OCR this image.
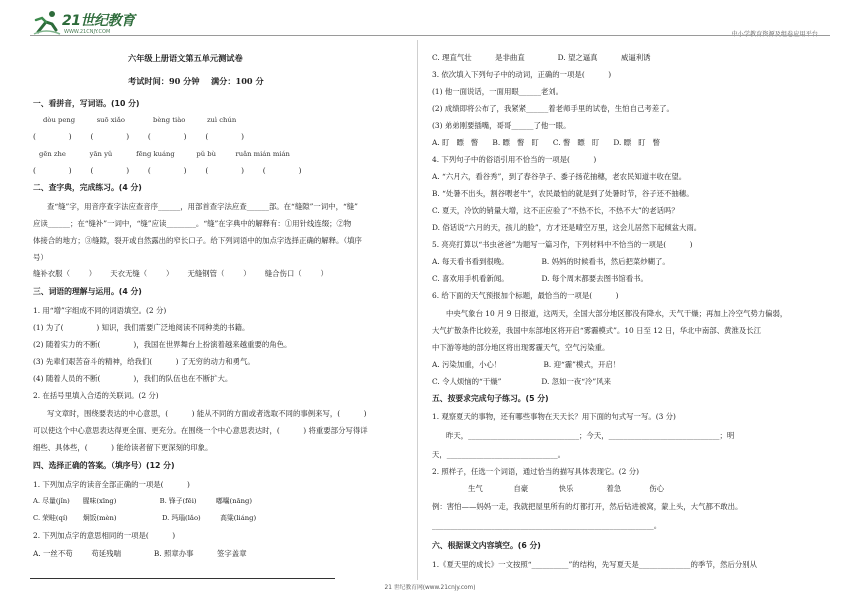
21世纪教育
WWW.21CNJY.COM
六年级上册语文第五单元测试卷
考试时间：90 分钟    满分：100 分
一、看拼音，写词语。(10 分)
dòu peng          suō xiǎo             bèng tiào          zuì chún
(              )        (              )        (              )        (              )
gēn zhe           yān yǔ           fēng kuáng          pǔ bù         ruǎn mián mián
(              )        (              )        (              )        (              )        (              )
二、查字典，完成练习。(4 分)
查“缝”字，用音序查字法应查音序______，用部首查字法应查______部。在“缝隙”一词中，“缝”
应读______；在“缝补”一词中，“缝”应读________。“缝”在字典中的解释有：①用针线连缀；②物
体接合的地方；③缝隙，裂开或自然露出的窄长口子。给下列词语中的加点字选择正确的解释。（填序
号）
缝补衣服（        ）      天衣无缝（        ）      无缝钢管（        ）      缝合伤口（        ）
三、词语的理解与运用。(4 分)
1. 用“增”字组成不同的词语填空。(2 分)
(1) 为了(              ) 知识，我们需要广泛地阅读不同种类的书籍。
(2) 随着实力的不断(              )，我国在世界舞台上扮演着越来越重要的角色。
(3) 先辈们艰苦奋斗的精神，给我们(          ) 了无穷的动力和勇气。
(4) 随着人员的不断(              )，我们的队伍也在不断扩大。
2. 在括号里填入合适的关联词。(2 分)
写文章时，围绕要表达的中心意思，(          ) 能从不同的方面或者选取不同的事例来写，(          )
可以使这个中心意思表达得更全面、更充分。在围绕一个中心意思表达时，(          ) 将重要部分写得详
细些、具体些，(          ) 能给读者留下更深刻的印象。
四、选择正确的答案。（填序号）(12 分)
1. 下列加点字的读音全部正确的一项是(          )
A. 尽量(jǐn)      腥味(xīng)                    B. 锋子(fēi)         嘟囔(nāng)
C. 荣畦(qí)       炯饭(mèn)                     D. 玛瑙(lǎo)         高粱(liáng)
2. 下列加点字的意思相同的一项是(          )
A. 一丝不苟        苟延残喘              B. 照章办事          签字盖章
C. 理直气壮          是非曲直              D. 望之逼真          威逼利诱
3. 依次填入下列句子中的动词，正确的一项是(          )
(1) 他一面说话，一面用眼______老刘。
(2) 成绩即将公布了，我紧紧______着老师手里的试卷，生怕自己考差了。
(3) 弟弟刚要插嘴，哥哥______了他一眼。
A. 盯   瞟   瞥      B. 瞟   瞥   盯      C. 瞥   瞟   盯      D. 瞟   盯   瞥
4. 下列句子中的俗语引用不恰当的一项是(          )
A. “六月六，看谷秀”，到了春谷孕子、黍子扬花抽穗，老农民知道丰收在望。
B. “处暑不出头，割谷喂老牛”，农民最怕的就是到了处暑时节，谷子还不抽穗。
C. 夏天，冷饮的销量大增，这不正应验了“不热不长，不热不大”的老话吗？
D. 俗话说“六月的天，孩儿的脸”，方才还是晴空万里，这会儿居然下起倾盆大雨。
5. 亮亮打算以“书虫爸爸”为题写一篇习作，下列材料中不恰当的一项是(          )
A. 每天看书看到很晚。              B. 妈妈的时候看书，然后把菜炒糊了。
C. 喜欢用手机看新闻。              D. 每个周末都要去图书馆看书。
6. 给下面的天气预报加个标题，最恰当的一项是(          )
中央气象台 10 月 9 日报道，这两天，全国大部分地区都没有降水，天气干燥；再加上冷空气势力偏弱，
大气扩散条件比较差，我国中东部地区将开启“雾霾模式”。10 日至 12 日，华北中南部、黄淮及长江
中下游等地的部分地区将出现雾霾天气，空气污染重。
A. 污染加重，小心！                  B. 迎“霾”模式，开启！
C. 令人烦恼的“干燥”                 D. 忽如一夜“冷”风来
五、按要求完成句子练习。(5 分)
1. 观察夏天的事物，还有哪些事物在天天长？用下面的句式写一写。(3 分)
昨天，______________________________；今天，______________________________；明
天，______________________________。
2. 照样子，任选一个词语，通过恰当的描写具体表现它。(2 分)
生气             自豪             快乐              着急            伤心
例：害怕——妈妈一走，我就把屋里所有的灯都打开，然后钻进被窝，蒙上头，大气都不敢出。
____________________________________________________________。
六、根据课文内容填空。(6 分)
1.《夏天里的成长》一文按照“__________”的结构，先写夏天是______________的季节，然后分别从
21 世纪教育网(www.21cnjy.com)
